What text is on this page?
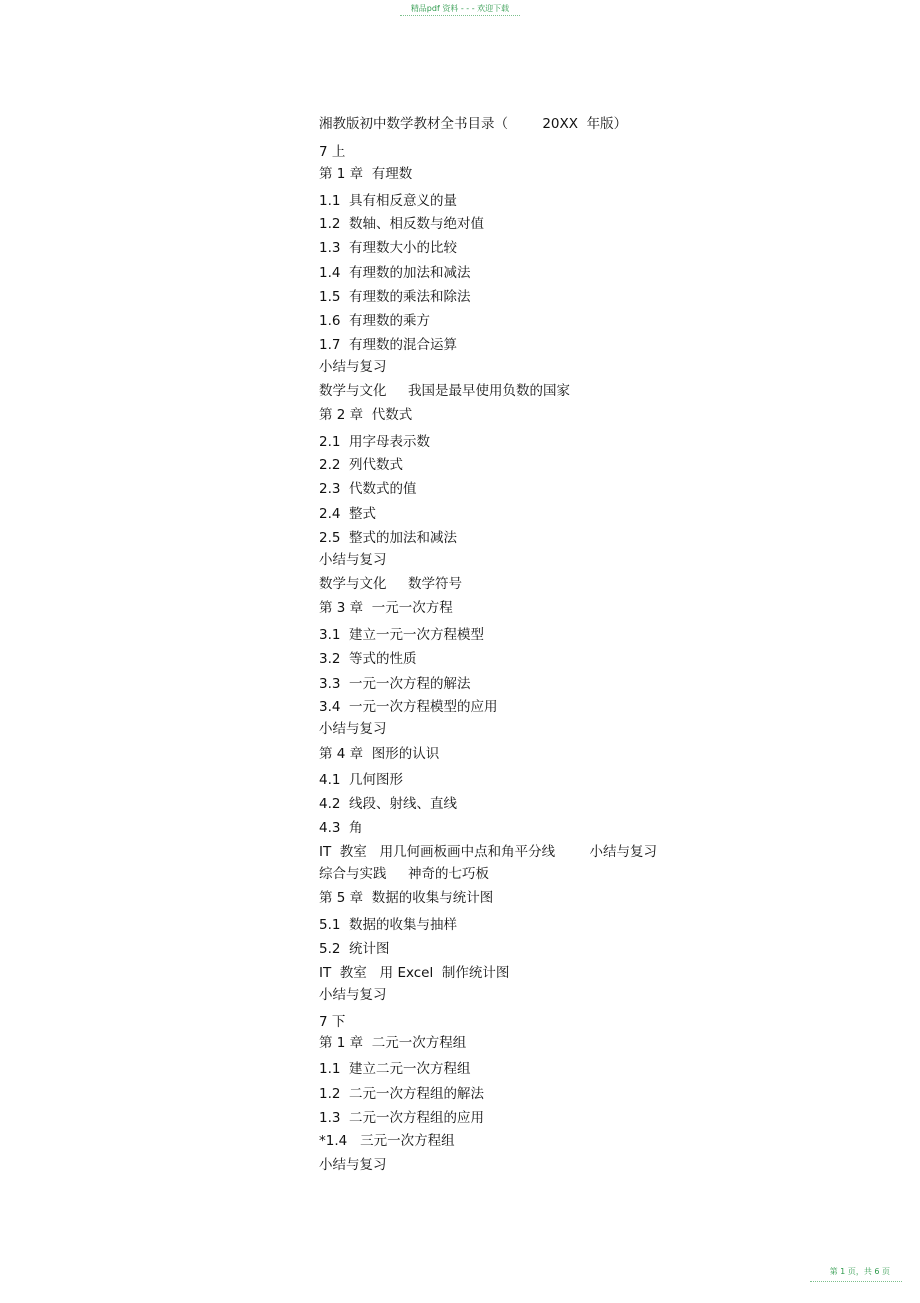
精品pdf 资料 - - - 欢迎下载
湘教版初中数学教材全书目录（        20XX  年版）
7 上
第 1 章  有理数
1.1  具有相反意义的量
1.2  数轴、相反数与绝对值
1.3  有理数大小的比较
1.4  有理数的加法和减法
1.5  有理数的乘法和除法
1.6  有理数的乘方
1.7  有理数的混合运算
小结与复习
数学与文化     我国是最早使用负数的国家
第 2 章  代数式
2.1  用字母表示数
2.2  列代数式
2.3  代数式的值
2.4  整式
2.5  整式的加法和减法
小结与复习
数学与文化     数学符号
第 3 章  一元一次方程
3.1  建立一元一次方程模型
3.2  等式的性质
3.3  一元一次方程的解法
3.4  一元一次方程模型的应用
小结与复习
第 4 章  图形的认识
4.1  几何图形
4.2  线段、射线、直线
4.3  角
IT  教室   用几何画板画中点和角平分线        小结与复习
综合与实践     神奇的七巧板
第 5 章  数据的收集与统计图
5.1  数据的收集与抽样
5.2  统计图
IT  教室   用 Excel  制作统计图
小结与复习
7 下
第 1 章  二元一次方程组
1.1  建立二元一次方程组
1.2  二元一次方程组的解法
1.3  二元一次方程组的应用
*1.4   三元一次方程组
小结与复习
第 1 页，共 6 页
